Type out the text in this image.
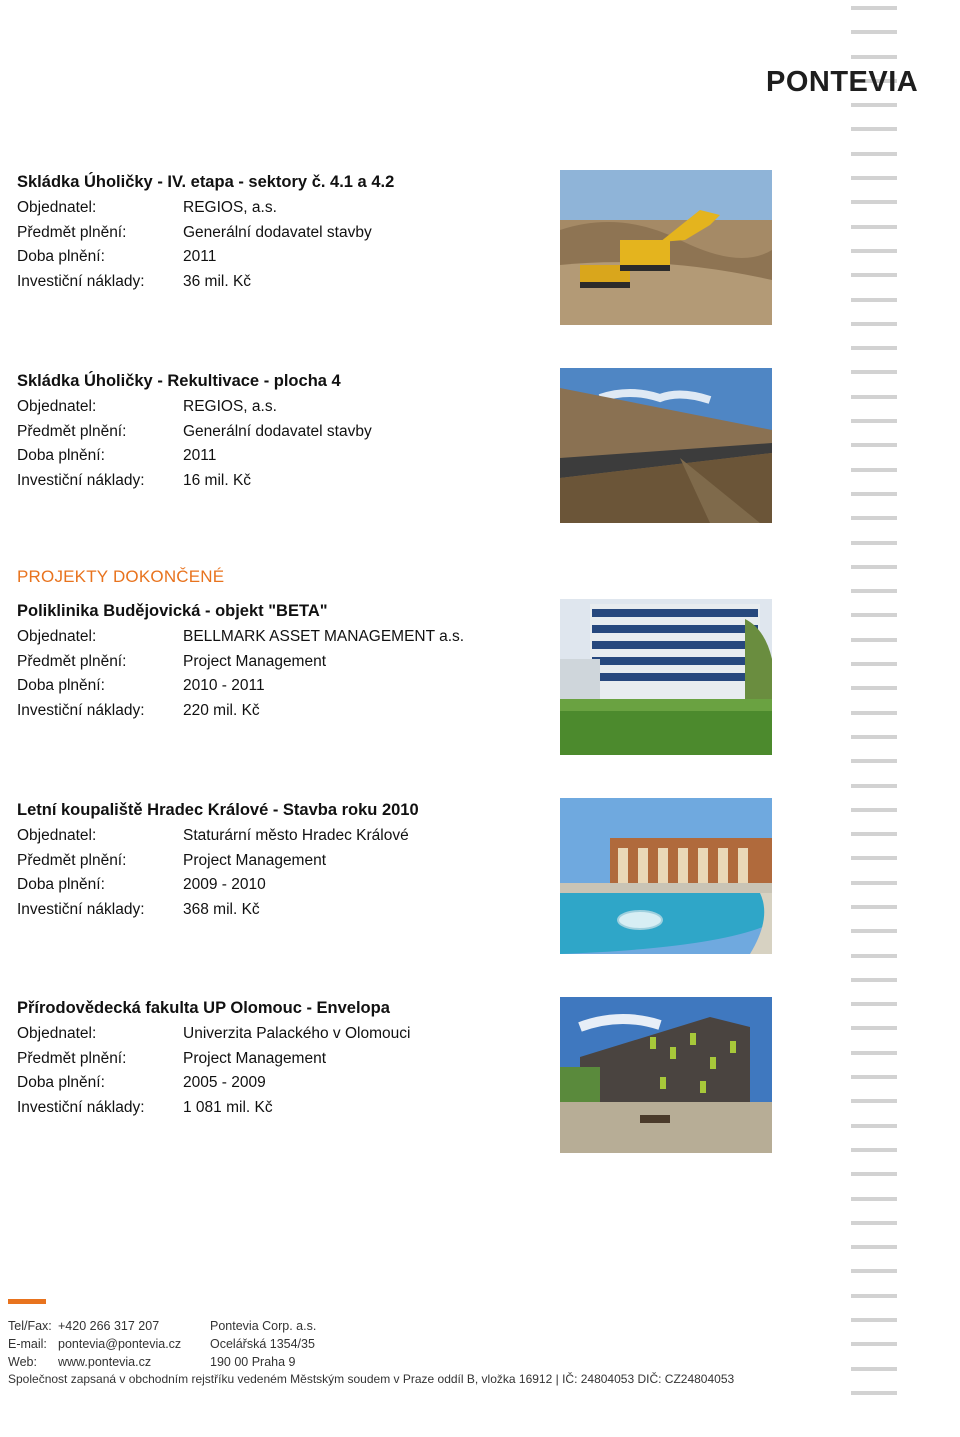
PONTEVIA
Skládka Úholičky - IV. etapa - sektory č. 4.1 a 4.2
Objednatel:	REGIOS, a.s.
Předmět plnění:	Generální dodavatel stavby
Doba plnění:	2011
Investiční náklady: 36 mil. Kč
Skládka Úholičky - Rekultivace - plocha 4
Objednatel:	REGIOS, a.s.
Předmět plnění:	Generální dodavatel stavby
Doba plnění:	2011
Investiční náklady: 16 mil. Kč
PROJEKTY DOKONČENÉ
Poliklinika Budějovická - objekt "BETA"
Objednatel:	BELLMARK ASSET MANAGEMENT a.s.
Předmět plnění:	Project Management
Doba plnění:	2010 - 2011
Investiční náklady: 220 mil. Kč
Letní koupaliště Hradec Králové - Stavba roku 2010
Objednatel:	Staturární město Hradec Králové
Předmět plnění:	Project Management
Doba plnění:	2009 - 2010
Investiční náklady: 368 mil. Kč
Přírodovědecká fakulta UP Olomouc - Envelopa
Objednatel:	Univerzita Palackého v Olomouci
Předmět plnění:	Project Management
Doba plnění:	2005 - 2009
Investiční náklady: 1 081 mil. Kč
Tel/Fax: +420 266 317 207
E-mail: pontevia@pontevia.cz
Web: www.pontevia.cz
Pontevia Corp. a.s.
Ocelářská 1354/35
190 00 Praha 9
Společnost zapsaná v obchodním rejstříku vedeném Městským soudem v Praze oddíl B, vložka 16912 | IČ: 24804053 DIČ: CZ24804053
